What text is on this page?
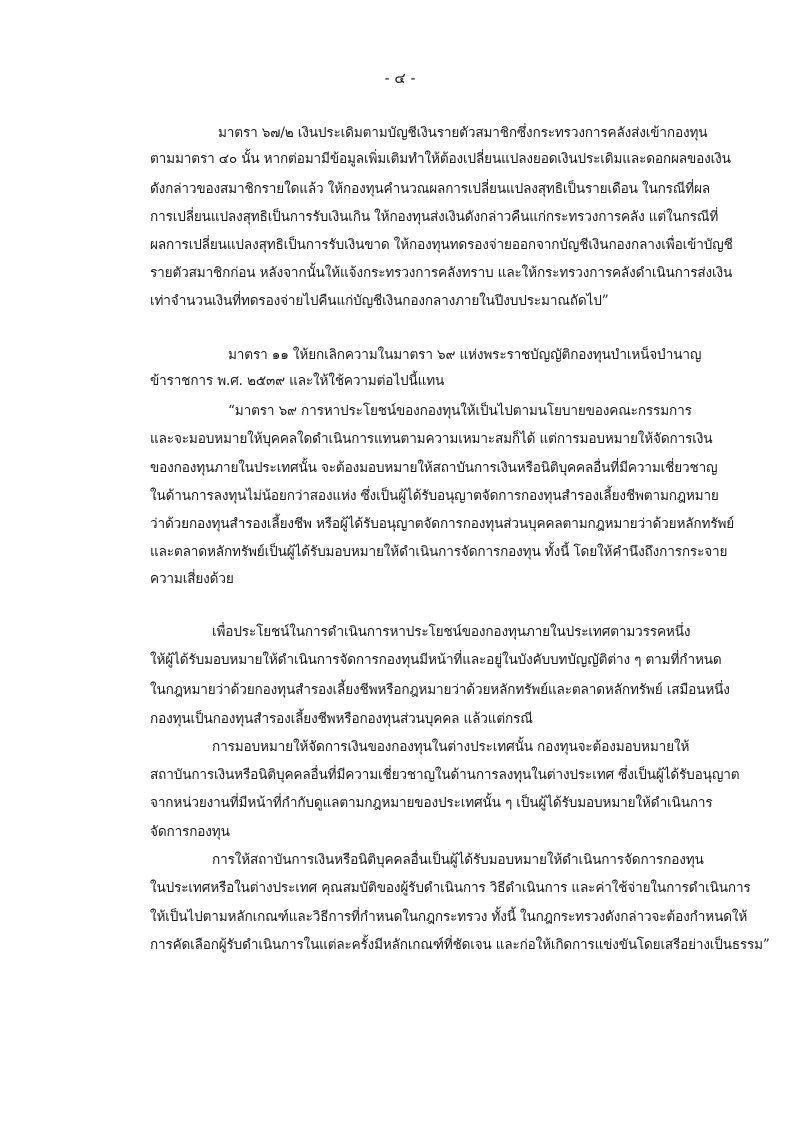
- ๔ -
มาตรา ๖๗/๒ เงินประเดิมตามบัญชีเงินรายตัวสมาชิกซึ่งกระทรวงการคลังส่งเข้ากองทุน
ตามมาตรา ๔๐ นั้น หากต่อมามีข้อมูลเพิ่มเติมทำให้ต้องเปลี่ยนแปลงยอดเงินประเดิมและดอกผลของเงิน
ดังกล่าวของสมาชิกรายใดแล้ว ให้กองทุนคำนวณผลการเปลี่ยนแปลงสุทธิเป็นรายเดือน ในกรณีที่ผล
การเปลี่ยนแปลงสุทธิเป็นการรับเงินเกิน ให้กองทุนส่งเงินดังกล่าวคืนแก่กระทรวงการคลัง แต่ในกรณีที่
ผลการเปลี่ยนแปลงสุทธิเป็นการรับเงินขาด ให้กองทุนทดรองจ่ายออกจากบัญชีเงินกองกลางเพื่อเข้าบัญชี
รายตัวสมาชิกก่อน หลังจากนั้นให้แจ้งกระทรวงการคลังทราบ และให้กระทรวงการคลังดำเนินการส่งเงิน
เท่าจำนวนเงินที่ทดรองจ่ายไปคืนแก่บัญชีเงินกองกลางภายในปีงบประมาณถัดไป”
มาตรา ๑๑ ให้ยกเลิกความในมาตรา ๖๙ แห่งพระราชบัญญัติกองทุนบำเหน็จบำนาญ
ข้าราชการ พ.ศ. ๒๕๓๙ และให้ใช้ความต่อไปนี้แทน
“มาตรา ๖๙ การหาประโยชน์ของกองทุนให้เป็นไปตามนโยบายของคณะกรรมการ
และจะมอบหมายให้บุคคลใดดำเนินการแทนตามความเหมาะสมก็ได้ แต่การมอบหมายให้จัดการเงิน
ของกองทุนภายในประเทศนั้น จะต้องมอบหมายให้สถาบันการเงินหรือนิติบุคคลอื่นที่มีความเชี่ยวชาญ
ในด้านการลงทุนไม่น้อยกว่าสองแห่ง ซึ่งเป็นผู้ได้รับอนุญาตจัดการกองทุนสำรองเลี้ยงชีพตามกฎหมาย
ว่าด้วยกองทุนสำรองเลี้ยงชีพ หรือผู้ได้รับอนุญาตจัดการกองทุนส่วนบุคคลตามกฎหมายว่าด้วยหลักทรัพย์
และตลาดหลักทรัพย์เป็นผู้ได้รับมอบหมายให้ดำเนินการจัดการกองทุน ทั้งนี้ โดยให้คำนึงถึงการกระจาย
ความเสี่ยงด้วย
เพื่อประโยชน์ในการดำเนินการหาประโยชน์ของกองทุนภายในประเทศตามวรรคหนึ่ง
ให้ผู้ได้รับมอบหมายให้ดำเนินการจัดการกองทุนมีหน้าที่และอยู่ในบังคับบทบัญญัติต่าง ๆ ตามที่กำหนด
ในกฎหมายว่าด้วยกองทุนสำรองเลี้ยงชีพหรือกฎหมายว่าด้วยหลักทรัพย์และตลาดหลักทรัพย์ เสมือนหนึ่ง
กองทุนเป็นกองทุนสำรองเลี้ยงชีพหรือกองทุนส่วนบุคคล แล้วแต่กรณี
การมอบหมายให้จัดการเงินของกองทุนในต่างประเทศนั้น กองทุนจะต้องมอบหมายให้
สถาบันการเงินหรือนิติบุคคลอื่นที่มีความเชี่ยวชาญในด้านการลงทุนในต่างประเทศ ซึ่งเป็นผู้ได้รับอนุญาต
จากหน่วยงานที่มีหน้าที่กำกับดูแลตามกฎหมายของประเทศนั้น ๆ เป็นผู้ได้รับมอบหมายให้ดำเนินการ
จัดการกองทุน
การให้สถาบันการเงินหรือนิติบุคคลอื่นเป็นผู้ได้รับมอบหมายให้ดำเนินการจัดการกองทุน
ในประเทศหรือในต่างประเทศ คุณสมบัติของผู้รับดำเนินการ วิธีดำเนินการ และค่าใช้จ่ายในการดำเนินการ
ให้เป็นไปตามหลักเกณฑ์และวิธีการที่กำหนดในกฎกระทรวง ทั้งนี้ ในกฎกระทรวงดังกล่าวจะต้องกำหนดให้
การคัดเลือกผู้รับดำเนินการในแต่ละครั้งมีหลักเกณฑ์ที่ชัดเจน และก่อให้เกิดการแข่งขันโดยเสรีอย่างเป็นธรรม”
